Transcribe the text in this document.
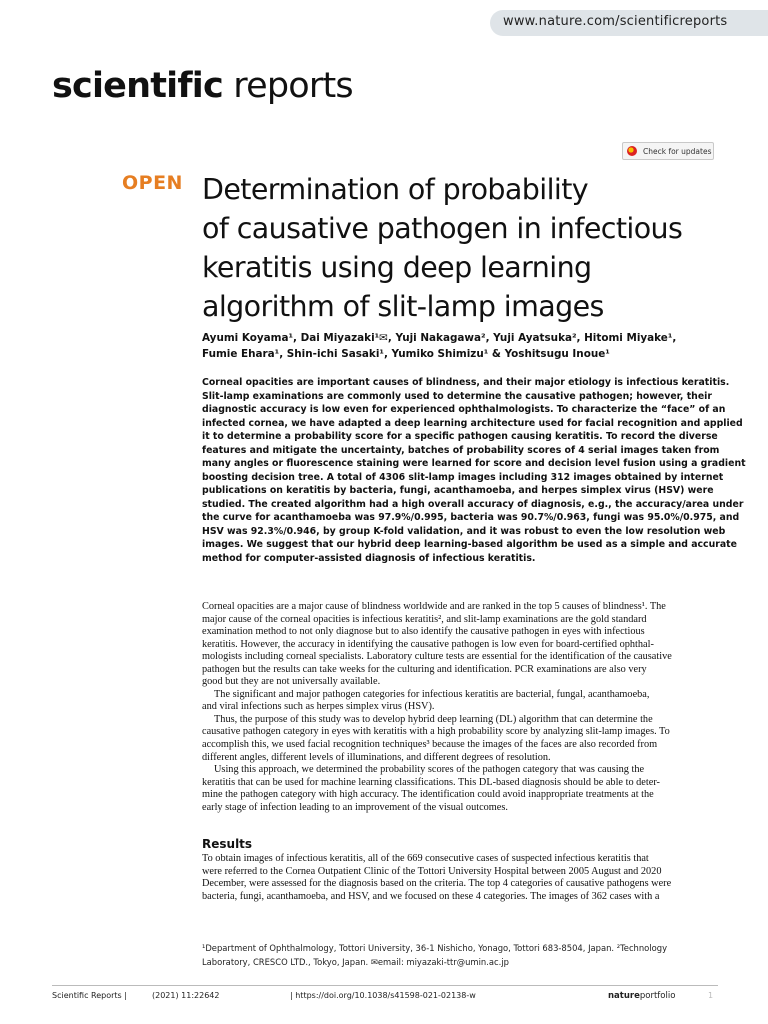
www.nature.com/scientificreports
scientific reports
Check for updates
OPEN Determination of probability
of causative pathogen in infectious
keratitis using deep learning
algorithm of slit-lamp images
Ayumi Koyama¹, Dai Miyazaki¹✉, Yuji Nakagawa², Yuji Ayatsuka², Hitomi Miyake¹,
Fumie Ehara¹, Shin-ichi Sasaki¹, Yumiko Shimizu¹ & Yoshitsugu Inoue¹
Corneal opacities are important causes of blindness, and their major etiology is infectious keratitis.
Slit-lamp examinations are commonly used to determine the causative pathogen; however, their
diagnostic accuracy is low even for experienced ophthalmologists. To characterize the “face” of an
infected cornea, we have adapted a deep learning architecture used for facial recognition and applied
it to determine a probability score for a specific pathogen causing keratitis. To record the diverse
features and mitigate the uncertainty, batches of probability scores of 4 serial images taken from
many angles or fluorescence staining were learned for score and decision level fusion using a gradient
boosting decision tree. A total of 4306 slit-lamp images including 312 images obtained by internet
publications on keratitis by bacteria, fungi, acanthamoeba, and herpes simplex virus (HSV) were
studied. The created algorithm had a high overall accuracy of diagnosis, e.g., the accuracy/area under
the curve for acanthamoeba was 97.9%/0.995, bacteria was 90.7%/0.963, fungi was 95.0%/0.975, and
HSV was 92.3%/0.946, by group K-fold validation, and it was robust to even the low resolution web
images. We suggest that our hybrid deep learning-based algorithm be used as a simple and accurate
method for computer-assisted diagnosis of infectious keratitis.
Corneal opacities are a major cause of blindness worldwide and are ranked in the top 5 causes of blindness¹. The
major cause of the corneal opacities is infectious keratitis², and slit-lamp examinations are the gold standard
examination method to not only diagnose but to also identify the causative pathogen in eyes with infectious
keratitis. However, the accuracy in identifying the causative pathogen is low even for board-certified ophthal-
mologists including corneal specialists. Laboratory culture tests are essential for the identification of the causative
pathogen but the results can take weeks for the culturing and identification. PCR examinations are also very
good but they are not universally available.
The significant and major pathogen categories for infectious keratitis are bacterial, fungal, acanthamoeba,
and viral infections such as herpes simplex virus (HSV).
Thus, the purpose of this study was to develop hybrid deep learning (DL) algorithm that can determine the
causative pathogen category in eyes with keratitis with a high probability score by analyzing slit-lamp images. To
accomplish this, we used facial recognition techniques³ because the images of the faces are also recorded from
different angles, different levels of illuminations, and different degrees of resolution.
Using this approach, we determined the probability scores of the pathogen category that was causing the
keratitis that can be used for machine learning classifications. This DL-based diagnosis should be able to deter-
mine the pathogen category with high accuracy. The identification could avoid inappropriate treatments at the
early stage of infection leading to an improvement of the visual outcomes.
Results
To obtain images of infectious keratitis, all of the 669 consecutive cases of suspected infectious keratitis that
were referred to the Cornea Outpatient Clinic of the Tottori University Hospital between 2005 August and 2020
December, were assessed for the diagnosis based on the criteria. The top 4 categories of causative pathogens were
bacteria, fungi, acanthamoeba, and HSV, and we focused on these 4 categories. The images of 362 cases with a
¹Department of Ophthalmology, Tottori University, 36-1 Nishicho, Yonago, Tottori 683-8504, Japan. ²Technology
Laboratory, CRESCO LTD., Tokyo, Japan. ✉email: miyazaki-ttr@umin.ac.jp
Scientific Reports |	(2021) 11:22642	| https://doi.org/10.1038/s41598-021-02138-w	natureportfolio	1
